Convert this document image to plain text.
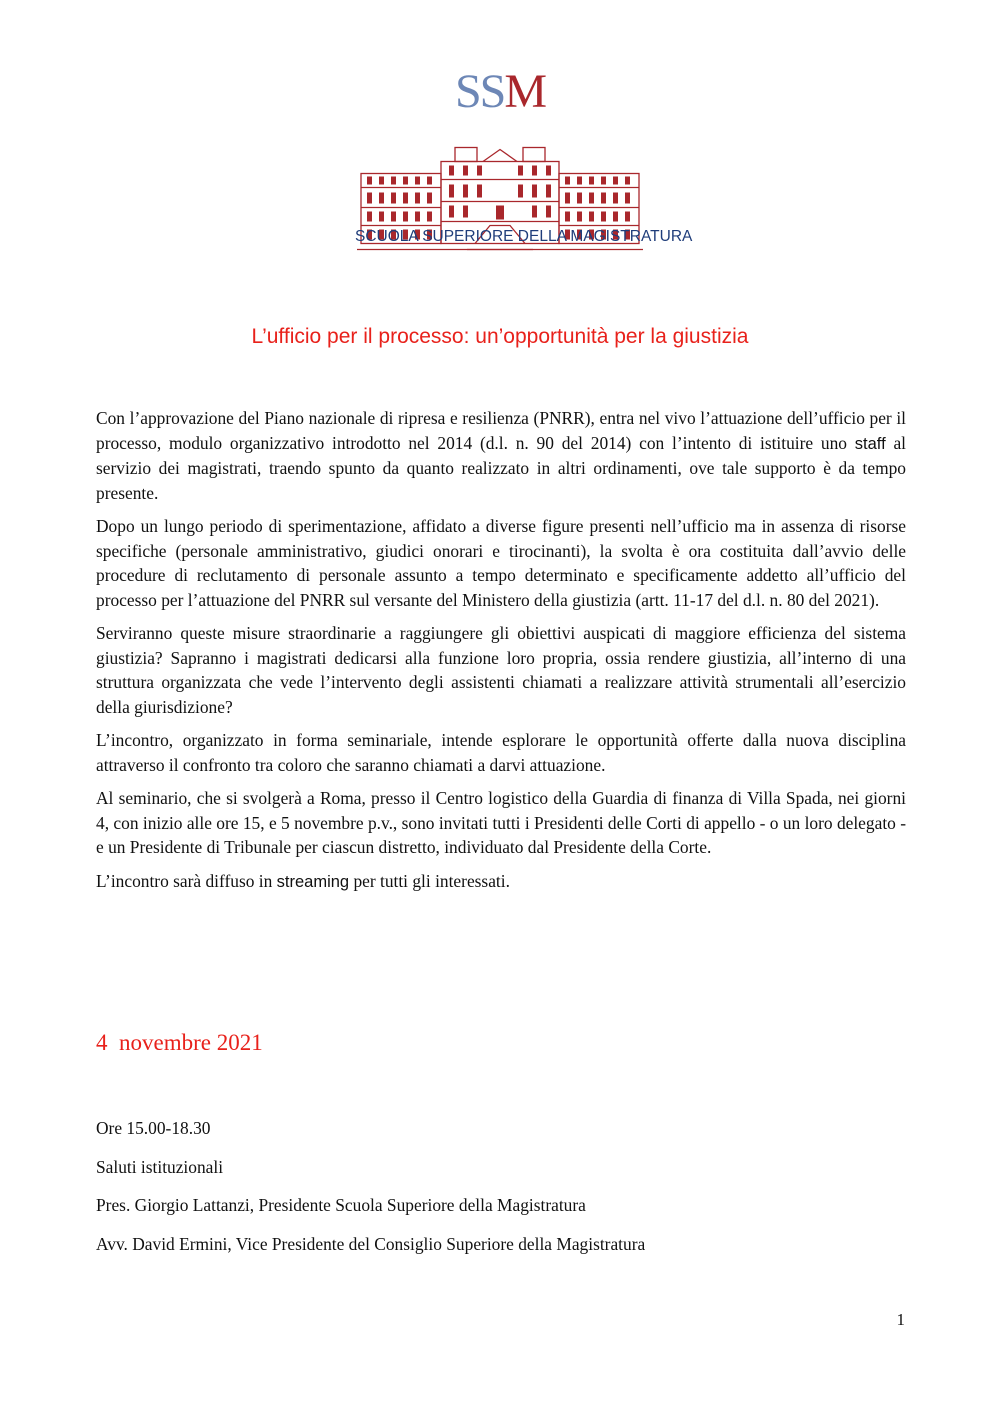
SSM
SCUOLA SUPERIORE DELLA MAGISTRATURA
L’ufficio per il processo: un’opportunità per la giustizia

Con l’approvazione del Piano nazionale di ripresa e resilienza (PNRR), entra nel vivo l’attuazione dell’ufficio per il processo, modulo organizzativo introdotto nel 2014 (d.l. n. 90 del 2014) con l’intento di istituire uno staff al servizio dei magistrati, traendo spunto da quanto realizzato in altri ordinamenti, ove tale supporto è da tempo presente.

Dopo un lungo periodo di sperimentazione, affidato a diverse figure presenti nell’ufficio ma in assenza di risorse specifiche (personale amministrativo, giudici onorari e tirocinanti), la svolta è ora costituita dall’avvio delle procedure di reclutamento di personale assunto a tempo determinato e specificamente addetto all’ufficio del processo per l’attuazione del PNRR sul versante del Ministero della giustizia (artt. 11-17 del d.l. n. 80 del 2021).

Serviranno queste misure straordinarie a raggiungere gli obiettivi auspicati di maggiore efficienza del sistema giustizia? Sapranno i magistrati dedicarsi alla funzione loro propria, ossia rendere giustizia, all’interno di una struttura organizzata che vede l’intervento degli assistenti chiamati a realizzare attività strumentali all’esercizio della giurisdizione?

L’incontro, organizzato in forma seminariale, intende esplorare le opportunità offerte dalla nuova disciplina attraverso il confronto tra coloro che saranno chiamati a darvi attuazione.

Al seminario, che si svolgerà a Roma, presso il Centro logistico della Guardia di finanza di Villa Spada, nei giorni 4, con inizio alle ore 15, e 5 novembre p.v., sono invitati tutti i Presidenti delle Corti di appello - o un loro delegato - e un Presidente di Tribunale per ciascun distretto, individuato dal Presidente della Corte.

L’incontro sarà diffuso in streaming per tutti gli interessati.

4  novembre 2021
Ore 15.00-18.30
Saluti istituzionali
Pres. Giorgio Lattanzi, Presidente Scuola Superiore della Magistratura
Avv. David Ermini, Vice Presidente del Consiglio Superiore della Magistratura
1
